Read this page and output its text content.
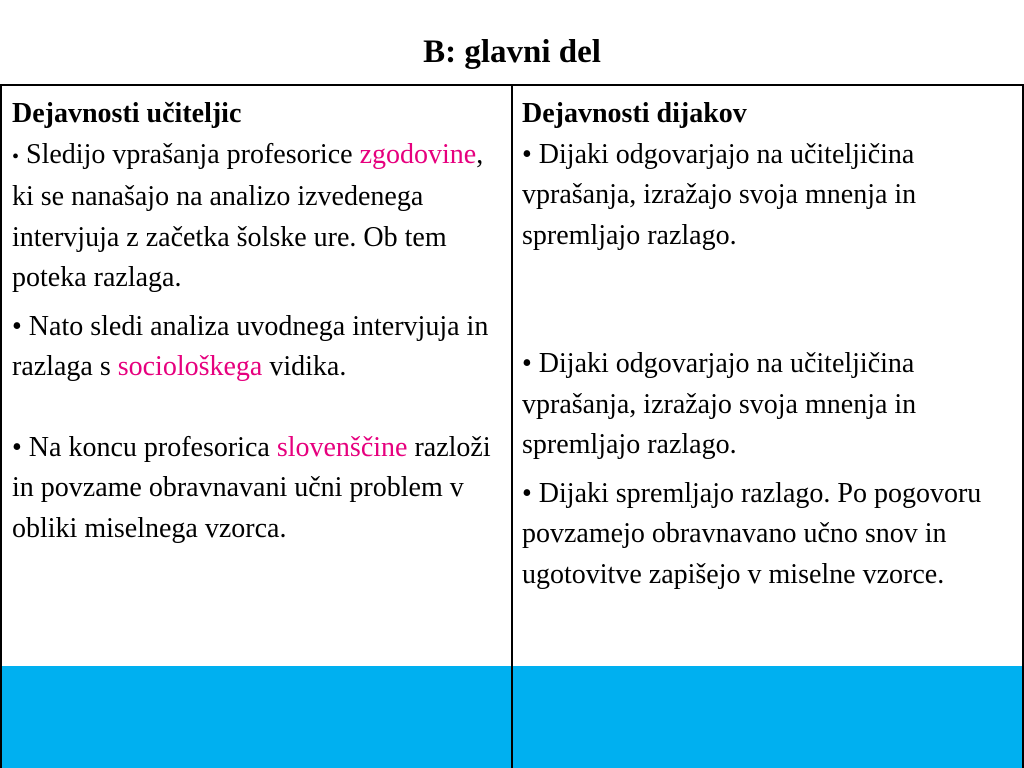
B: glavni del
Dejavnosti učiteljic

• Sledijo vprašanja profesorice zgodovine, ki se nanašajo na analizo izvedenega intervjuja z začetka šolske ure. Ob tem poteka razlaga.

• Nato sledi analiza uvodnega intervjuja in razlaga s sociološkega vidika.

• Na koncu profesorica slovenščine razloži in povzame obravnavani učni problem v obliki miselnega vzorca.

Dejavnosti dijakov

• Dijaki odgovarjajo na učiteljičina vprašanja, izražajo svoja mnenja in spremljajo razlago.

• Dijaki odgovarjajo na učiteljičina vprašanja, izražajo svoja mnenja in spremljajo razlago.

• Dijaki spremljajo razlago. Po pogovoru povzamejo obravnavano učno snov in ugotovitve zapišejo v miselne vzorce.
